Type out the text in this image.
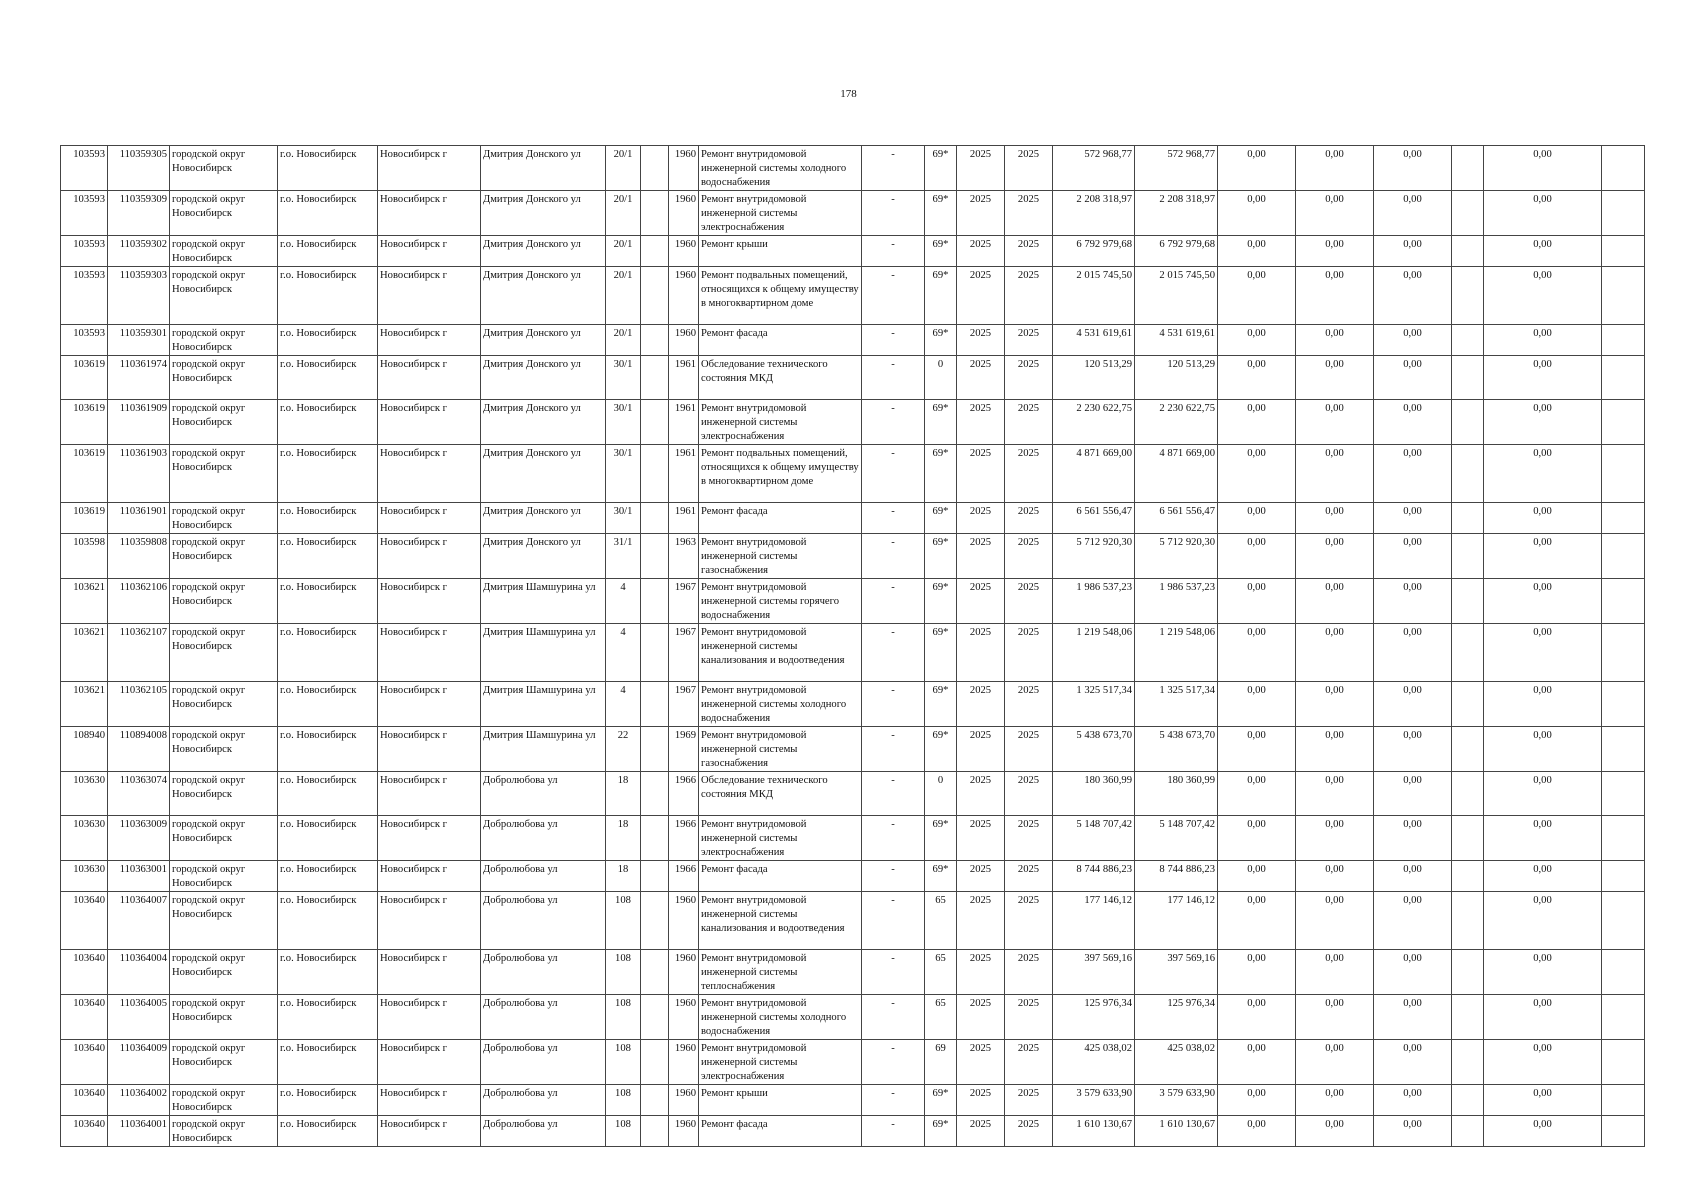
178
103593	110359305	городской округ Новосибирск	г.о. Новосибирск	Новосибирск г	Дмитрия Донского ул	20/1		1960	Ремонт внутридомовой инженерной системы холодного водоснабжения	-	69*	2025	2025	572 968,77	572 968,77	0,00	0,00	0,00		0,00	
103593	110359309	городской округ Новосибирск	г.о. Новосибирск	Новосибирск г	Дмитрия Донского ул	20/1		1960	Ремонт внутридомовой инженерной системы электроснабжения	-	69*	2025	2025	2 208 318,97	2 208 318,97	0,00	0,00	0,00		0,00	
103593	110359302	городской округ Новосибирск	г.о. Новосибирск	Новосибирск г	Дмитрия Донского ул	20/1		1960	Ремонт крыши	-	69*	2025	2025	6 792 979,68	6 792 979,68	0,00	0,00	0,00		0,00	
103593	110359303	городской округ Новосибирск	г.о. Новосибирск	Новосибирск г	Дмитрия Донского ул	20/1		1960	Ремонт подвальных помещений, относящихся к общему имуществу в многоквартирном доме	-	69*	2025	2025	2 015 745,50	2 015 745,50	0,00	0,00	0,00		0,00	
103593	110359301	городской округ Новосибирск	г.о. Новосибирск	Новосибирск г	Дмитрия Донского ул	20/1		1960	Ремонт фасада	-	69*	2025	2025	4 531 619,61	4 531 619,61	0,00	0,00	0,00		0,00	
103619	110361974	городской округ Новосибирск	г.о. Новосибирск	Новосибирск г	Дмитрия Донского ул	30/1		1961	Обследование технического состояния МКД	-	0	2025	2025	120 513,29	120 513,29	0,00	0,00	0,00		0,00	
103619	110361909	городской округ Новосибирск	г.о. Новосибирск	Новосибирск г	Дмитрия Донского ул	30/1		1961	Ремонт внутридомовой инженерной системы электроснабжения	-	69*	2025	2025	2 230 622,75	2 230 622,75	0,00	0,00	0,00		0,00	
103619	110361903	городской округ Новосибирск	г.о. Новосибирск	Новосибирск г	Дмитрия Донского ул	30/1		1961	Ремонт подвальных помещений, относящихся к общему имуществу в многоквартирном доме	-	69*	2025	2025	4 871 669,00	4 871 669,00	0,00	0,00	0,00		0,00	
103619	110361901	городской округ Новосибирск	г.о. Новосибирск	Новосибирск г	Дмитрия Донского ул	30/1		1961	Ремонт фасада	-	69*	2025	2025	6 561 556,47	6 561 556,47	0,00	0,00	0,00		0,00	
103598	110359808	городской округ Новосибирск	г.о. Новосибирск	Новосибирск г	Дмитрия Донского ул	31/1		1963	Ремонт внутридомовой инженерной системы газоснабжения	-	69*	2025	2025	5 712 920,30	5 712 920,30	0,00	0,00	0,00		0,00	
103621	110362106	городской округ Новосибирск	г.о. Новосибирск	Новосибирск г	Дмитрия Шамшурина ул	4		1967	Ремонт внутридомовой инженерной системы горячего водоснабжения	-	69*	2025	2025	1 986 537,23	1 986 537,23	0,00	0,00	0,00		0,00	
103621	110362107	городской округ Новосибирск	г.о. Новосибирск	Новосибирск г	Дмитрия Шамшурина ул	4		1967	Ремонт внутридомовой инженерной системы канализования и водоотведения	-	69*	2025	2025	1 219 548,06	1 219 548,06	0,00	0,00	0,00		0,00	
103621	110362105	городской округ Новосибирск	г.о. Новосибирск	Новосибирск г	Дмитрия Шамшурина ул	4		1967	Ремонт внутридомовой инженерной системы холодного водоснабжения	-	69*	2025	2025	1 325 517,34	1 325 517,34	0,00	0,00	0,00		0,00	
108940	110894008	городской округ Новосибирск	г.о. Новосибирск	Новосибирск г	Дмитрия Шамшурина ул	22		1969	Ремонт внутридомовой инженерной системы газоснабжения	-	69*	2025	2025	5 438 673,70	5 438 673,70	0,00	0,00	0,00		0,00	
103630	110363074	городской округ Новосибирск	г.о. Новосибирск	Новосибирск г	Добролюбова ул	18		1966	Обследование технического состояния МКД	-	0	2025	2025	180 360,99	180 360,99	0,00	0,00	0,00		0,00	
103630	110363009	городской округ Новосибирск	г.о. Новосибирск	Новосибирск г	Добролюбова ул	18		1966	Ремонт внутридомовой инженерной системы электроснабжения	-	69*	2025	2025	5 148 707,42	5 148 707,42	0,00	0,00	0,00		0,00	
103630	110363001	городской округ Новосибирск	г.о. Новосибирск	Новосибирск г	Добролюбова ул	18		1966	Ремонт фасада	-	69*	2025	2025	8 744 886,23	8 744 886,23	0,00	0,00	0,00		0,00	
103640	110364007	городской округ Новосибирск	г.о. Новосибирск	Новосибирск г	Добролюбова ул	108		1960	Ремонт внутридомовой инженерной системы канализования и водоотведения	-	65	2025	2025	177 146,12	177 146,12	0,00	0,00	0,00		0,00	
103640	110364004	городской округ Новосибирск	г.о. Новосибирск	Новосибирск г	Добролюбова ул	108		1960	Ремонт внутридомовой инженерной системы теплоснабжения	-	65	2025	2025	397 569,16	397 569,16	0,00	0,00	0,00		0,00	
103640	110364005	городской округ Новосибирск	г.о. Новосибирск	Новосибирск г	Добролюбова ул	108		1960	Ремонт внутридомовой инженерной системы холодного водоснабжения	-	65	2025	2025	125 976,34	125 976,34	0,00	0,00	0,00		0,00	
103640	110364009	городской округ Новосибирск	г.о. Новосибирск	Новосибирск г	Добролюбова ул	108		1960	Ремонт внутридомовой инженерной системы электроснабжения	-	69	2025	2025	425 038,02	425 038,02	0,00	0,00	0,00		0,00	
103640	110364002	городской округ Новосибирск	г.о. Новосибирск	Новосибирск г	Добролюбова ул	108		1960	Ремонт крыши	-	69*	2025	2025	3 579 633,90	3 579 633,90	0,00	0,00	0,00		0,00	
103640	110364001	городской округ Новосибирск	г.о. Новосибирск	Новосибирск г	Добролюбова ул	108		1960	Ремонт фасада	-	69*	2025	2025	1 610 130,67	1 610 130,67	0,00	0,00	0,00		0,00	
